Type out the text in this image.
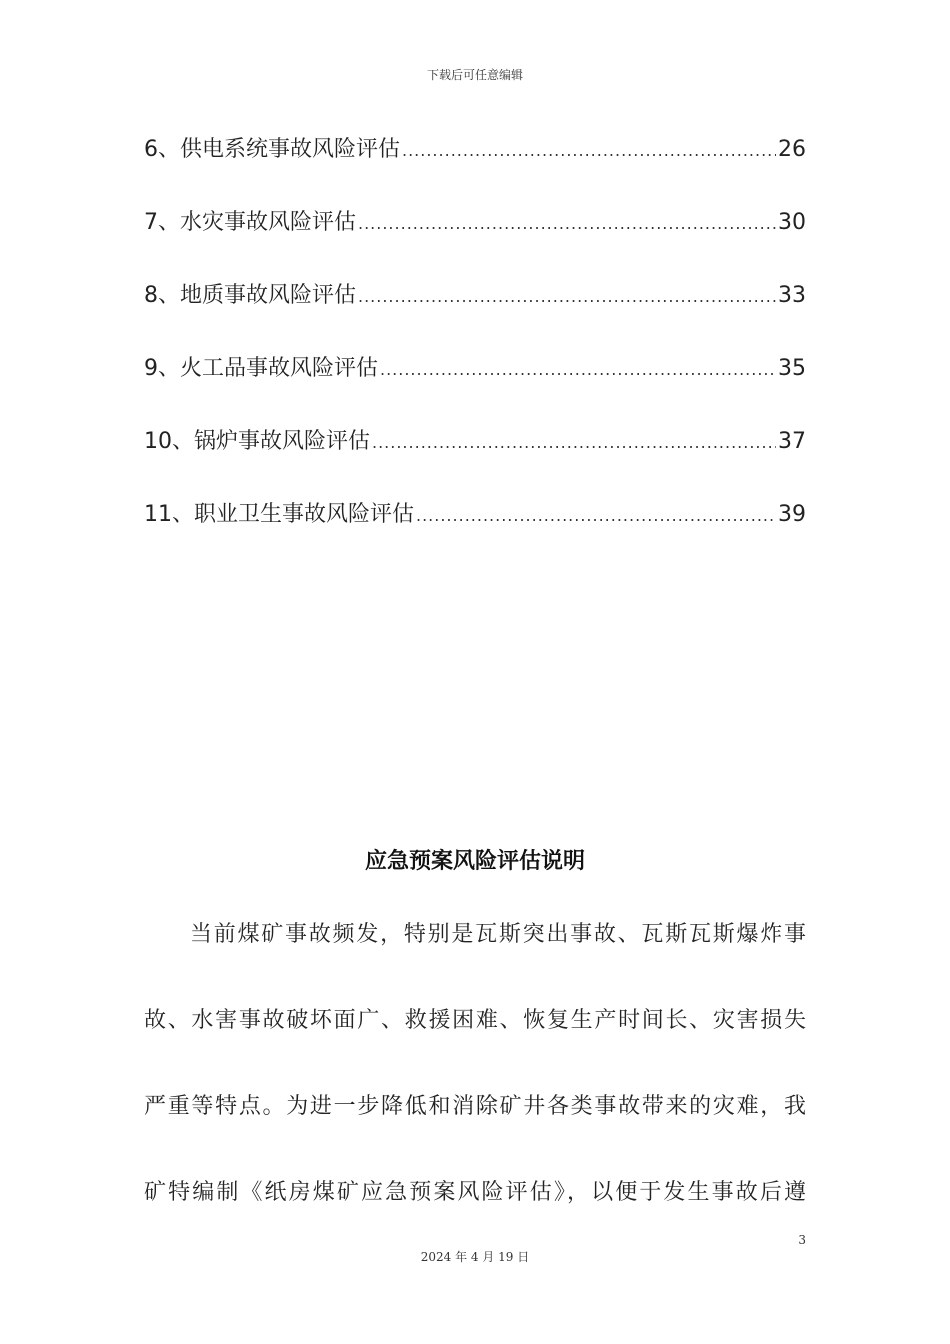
下载后可任意编辑
6、供电系统事故风险评估 .....	26
7、水灾事故风险评估 .....	30
8、地质事故风险评估 .....	33
9、火工品事故风险评估 .....	35
10、锅炉事故风险评估 .....	37
11、职业卫生事故风险评估 .....	39
应急预案风险评估说明
当前煤矿事故频发，特别是瓦斯突出事故、瓦斯瓦斯爆炸事
故、水害事故破坏面广、救援困难、恢复生产时间长、灾害损失
严重等特点。为进一步降低和消除矿井各类事故带来的灾难，我
矿特编制《纸房煤矿应急预案风险评估》，以便于发生事故后遵
3
2024 年 4 月 19 日
